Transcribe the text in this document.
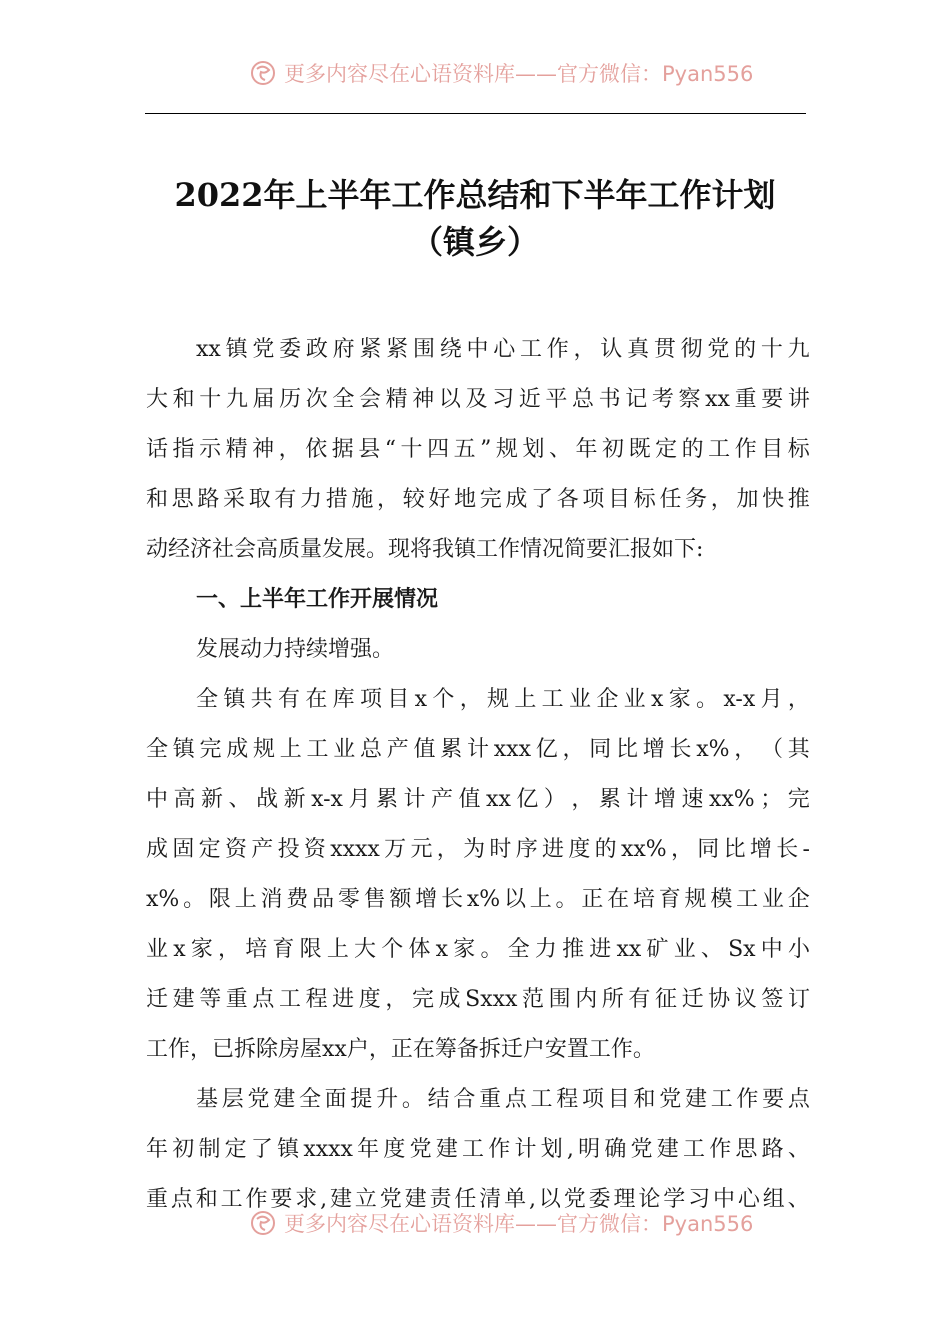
更多内容尽在心语资料库——官方微信：Pyan556
2022年上半年工作总结和下半年工作计划
（镇乡）
xx 镇 党 委 政 府 紧 紧 围 绕 中 心 工 作 ， 认 真 贯 彻 党 的 十 九
大 和 十 九 届 历 次 全 会 精 神 以 及 习 近 平 总 书 记 考 察 xx 重 要 讲
话 指 示 精 神 ， 依 据 县 “ 十 四 五 ” 规 划 、 年 初 既 定 的 工 作 目 标
和 思 路 采 取 有 力 措 施 ， 较 好 地 完 成 了 各 项 目 标 任 务 ， 加 快 推
动经济社会高质量发展。现将我镇工作情况简要汇报如下:
一、上半年工作开展情况
发展动力持续增强。
全 镇 共 有 在 库 项 目 x 个 ， 规 上 工 业 企 业 x 家 。 x-x 月 ，
全 镇 完 成 规 上 工 业 总 产 值 累 计 xxx 亿 ， 同 比 增 长 x% ， （ 其
中 高 新 、 战 新 x-x 月 累 计 产 值 xx 亿 ） ， 累 计 增 速 xx% ； 完
成 固 定 资 产 投 资 xxxx 万 元 ， 为 时 序 进 度 的 xx% ， 同 比 增 长 -
x% 。 限 上 消 费 品 零 售 额 增 长 x% 以 上 。 正 在 培 育 规 模 工 业 企
业 x 家 ， 培 育 限 上 大 个 体 x 家 。 全 力 推 进 xx 矿 业 、 Sx 中 小
迁 建 等 重 点 工 程 进 度 ， 完 成 Sxxx 范 围 内 所 有 征 迁 协 议 签 订
工作，已拆除房屋xx户，正在筹备拆迁户安置工作。
基 层 党 建 全 面 提 升 。 结 合 重 点 工 程 项 目 和 党 建 工 作 要 点
年 初 制 定 了 镇 xxxx 年 度 党 建 工 作 计 划 , 明 确 党 建 工 作 思 路 、
重 点 和 工 作 要 求 , 建 立 党 建 责 任 清 单 , 以 党 委 理 论 学 习 中 心 组 、
更多内容尽在心语资料库——官方微信：Pyan556
